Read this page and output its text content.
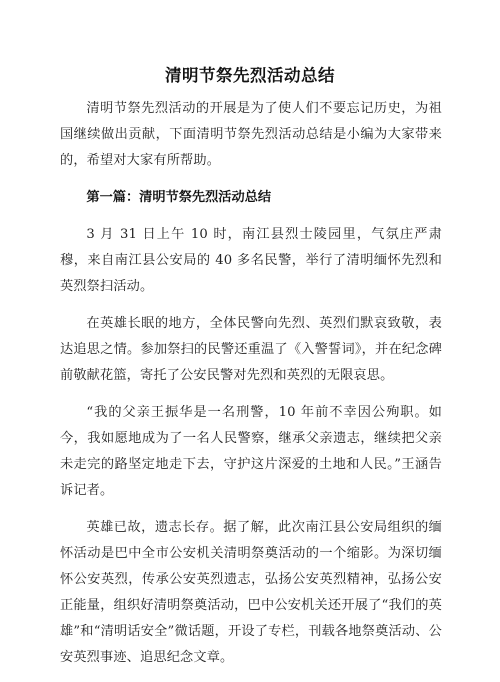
清明节祭先烈活动总结

清明节祭先烈活动的开展是为了使人们不要忘记历史，为祖国继续做出贡献，下面清明节祭先烈活动总结是小编为大家带来的，希望对大家有所帮助。

第一篇：清明节祭先烈活动总结

3 月 31 日上午 10 时，南江县烈士陵园里，气氛庄严肃穆，来自南江县公安局的 40 多名民警，举行了清明缅怀先烈和英烈祭扫活动。

在英雄长眠的地方，全体民警向先烈、英烈们默哀致敬，表达追思之情。参加祭扫的民警还重温了《入警誓词》，并在纪念碑前敬献花篮，寄托了公安民警对先烈和英烈的无限哀思。

“我的父亲王振华是一名刑警，10 年前不幸因公殉职。如今，我如愿地成为了一名人民警察，继承父亲遗志，继续把父亲未走完的路坚定地走下去，守护这片深爱的土地和人民。”王涵告诉记者。

英雄已故，遗志长存。据了解，此次南江县公安局组织的缅怀活动是巴中全市公安机关清明祭奠活动的一个缩影。为深切缅怀公安英烈，传承公安英烈遗志，弘扬公安英烈精神，弘扬公安正能量，组织好清明祭奠活动，巴中公安机关还开展了“我们的英雄”和“清明话安全”微话题，开设了专栏，刊载各地祭奠活动、公安英烈事迹、追思纪念文章。
